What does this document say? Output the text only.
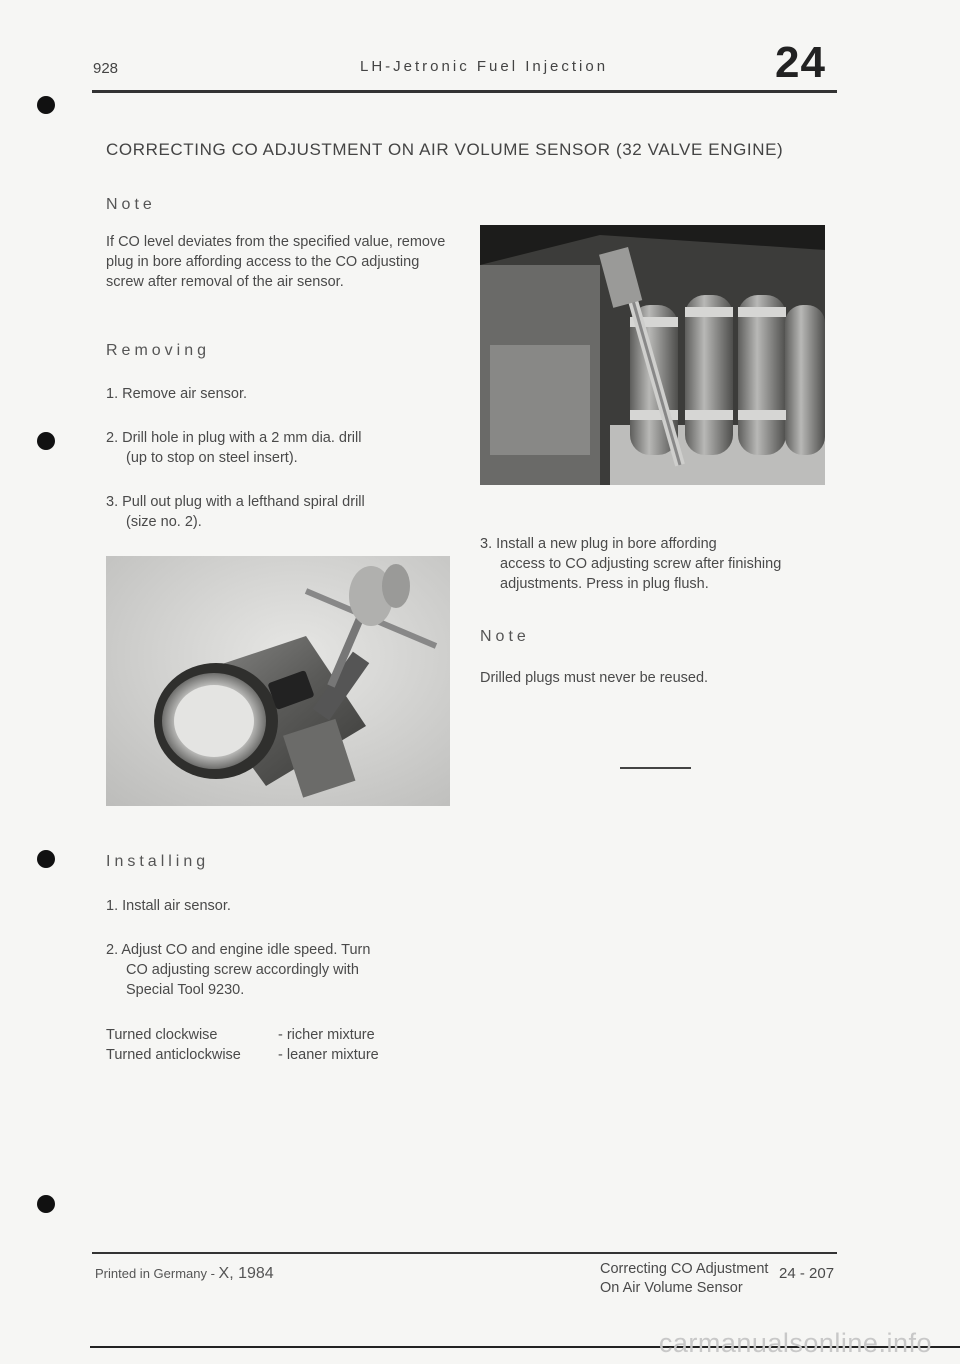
928	LH-Jetronic Fuel Injection	24
CORRECTING CO ADJUSTMENT ON AIR VOLUME SENSOR (32 VALVE ENGINE)
Note
If CO level deviates from the specified value, remove plug in bore affording access to the CO adjusting screw after removal of the air sensor.
Removing
1. Remove air sensor.
2. Drill hole in plug with a 2 mm dia. drill
(up to stop on steel insert).
3. Pull out plug with a lefthand spiral drill
(size no. 2).
Installing
1. Install air sensor.
2. Adjust CO and engine idle speed. Turn
CO adjusting screw accordingly with Special Tool 9230.
Turned clockwise	- richer mixture
Turned anticlockwise	- leaner mixture
3. Install a new plug in bore affording
access to CO adjusting screw after finishing adjustments. Press in plug flush.
Note
Drilled plugs must never be reused.
Printed in Germany - X, 1984	Correcting CO Adjustment On Air Volume Sensor
24 - 207
carmanualsonline.info
